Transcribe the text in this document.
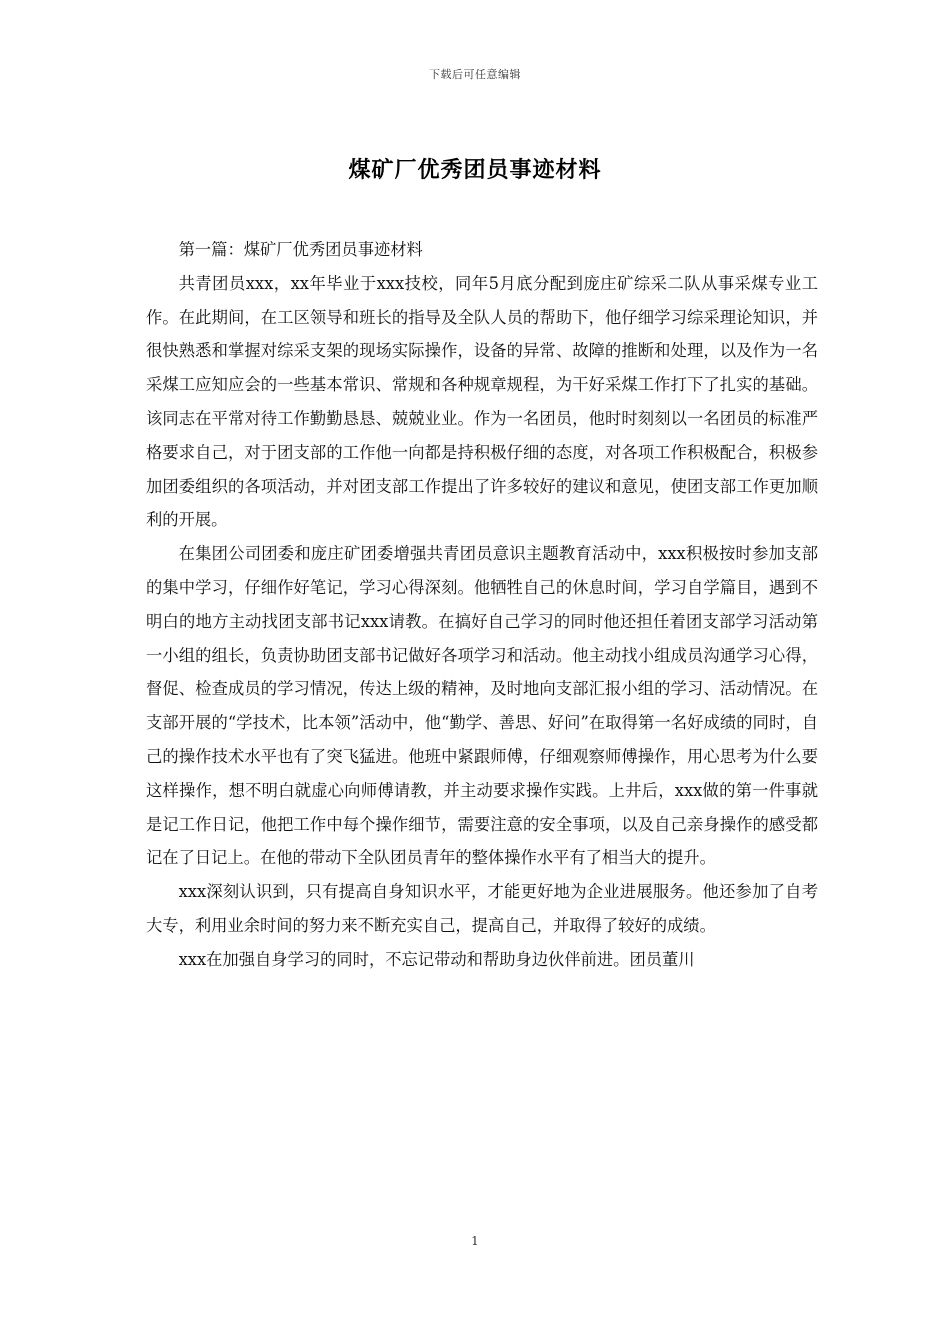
下载后可任意编辑
煤矿厂优秀团员事迹材料

第一篇：煤矿厂优秀团员事迹材料

共青团员xxx，xx年毕业于xxx技校，同年5月底分配到庞庄矿综采二队从事采煤专业工作。在此期间，在工区领导和班长的指导及全队人员的帮助下，他仔细学习综采理论知识，并很快熟悉和掌握对综采支架的现场实际操作，设备的异常、故障的推断和处理，以及作为一名采煤工应知应会的一些基本常识、常规和各种规章规程，为干好采煤工作打下了扎实的基础。该同志在平常对待工作勤勤恳恳、兢兢业业。作为一名团员，他时时刻刻以一名团员的标准严格要求自己，对于团支部的工作他一向都是持积极仔细的态度，对各项工作积极配合，积极参加团委组织的各项活动，并对团支部工作提出了许多较好的建议和意见，使团支部工作更加顺利的开展。

在集团公司团委和庞庄矿团委增强共青团员意识主题教育活动中，xxx积极按时参加支部的集中学习，仔细作好笔记，学习心得深刻。他牺牲自己的休息时间，学习自学篇目，遇到不明白的地方主动找团支部书记xxx请教。在搞好自己学习的同时他还担任着团支部学习活动第一小组的组长，负责协助团支部书记做好各项学习和活动。他主动找小组成员沟通学习心得，督促、检查成员的学习情况，传达上级的精神，及时地向支部汇报小组的学习、活动情况。在支部开展的“学技术，比本领”活动中，他“勤学、善思、好问”在取得第一名好成绩的同时，自己的操作技术水平也有了突飞猛进。他班中紧跟师傅，仔细观察师傅操作，用心思考为什么要这样操作，想不明白就虚心向师傅请教，并主动要求操作实践。上井后，xxx做的第一件事就是记工作日记，他把工作中每个操作细节，需要注意的安全事项，以及自己亲身操作的感受都记在了日记上。在他的带动下全队团员青年的整体操作水平有了相当大的提升。

xxx深刻认识到，只有提高自身知识水平，才能更好地为企业进展服务。他还参加了自考大专，利用业余时间的努力来不断充实自己，提高自己，并取得了较好的成绩。

xxx在加强自身学习的同时，不忘记带动和帮助身边伙伴前进。团员董川

1
